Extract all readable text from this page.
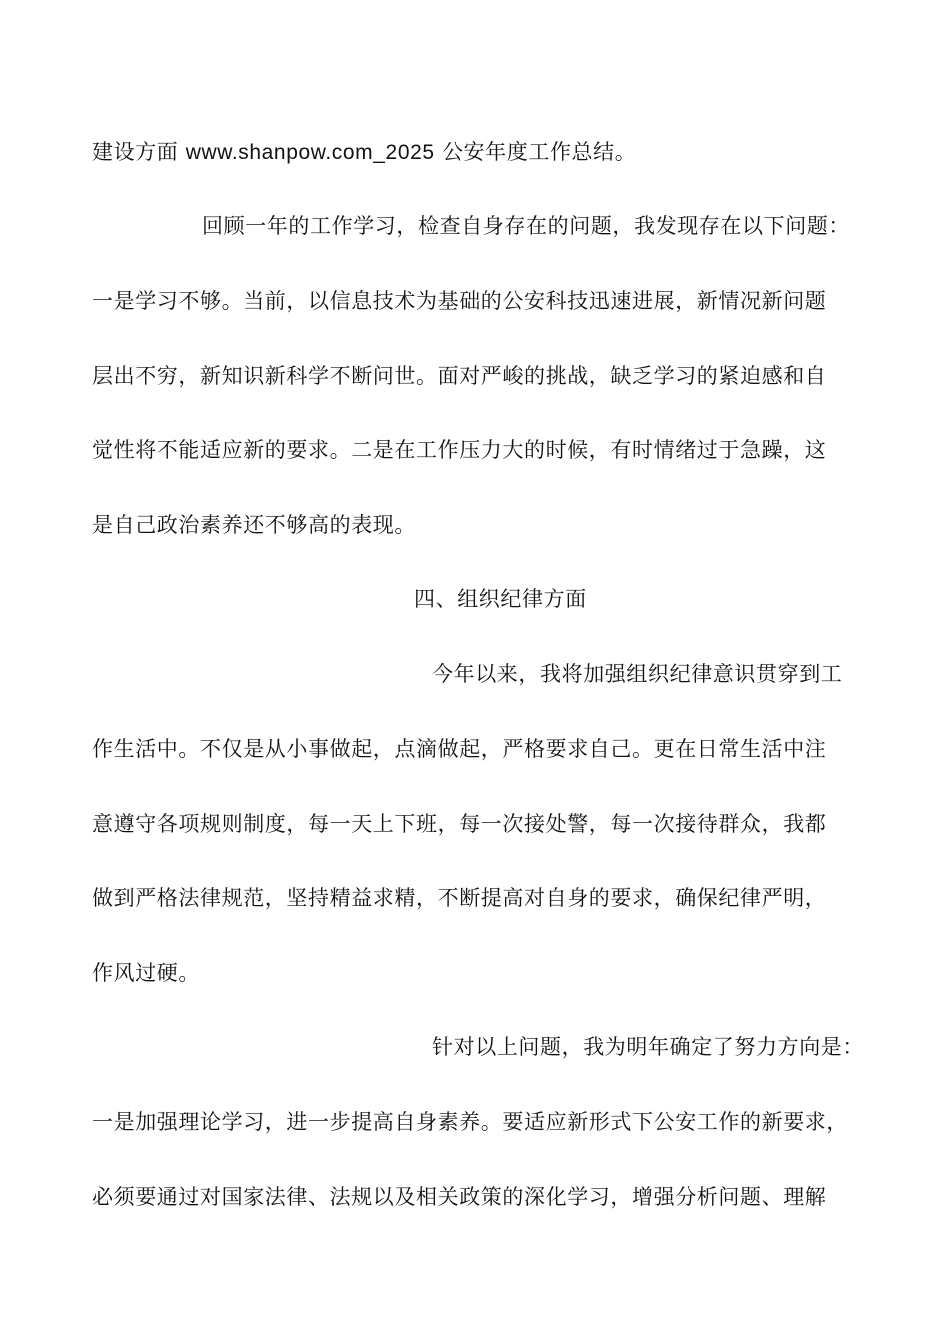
建设方面 www.shanpow.com_2025 公安年度工作总结。
回顾一年的工作学习，检查自身存在的问题，我发现存在以下问题：
一是学习不够。当前，以信息技术为基础的公安科技迅速进展，新情况新问题
层出不穷，新知识新科学不断问世。面对严峻的挑战，缺乏学习的紧迫感和自
觉性将不能适应新的要求。二是在工作压力大的时候，有时情绪过于急躁，这
是自己政治素养还不够高的表现。
四、组织纪律方面
今年以来，我将加强组织纪律意识贯穿到工
作生活中。不仅是从小事做起，点滴做起，严格要求自己。更在日常生活中注
意遵守各项规则制度，每一天上下班，每一次接处警，每一次接待群众，我都
做到严格法律规范，坚持精益求精，不断提高对自身的要求，确保纪律严明，
作风过硬。
针对以上问题，我为明年确定了努力方向是：
一是加强理论学习，进一步提高自身素养。要适应新形式下公安工作的新要求，
必须要通过对国家法律、法规以及相关政策的深化学习，增强分析问题、理解
